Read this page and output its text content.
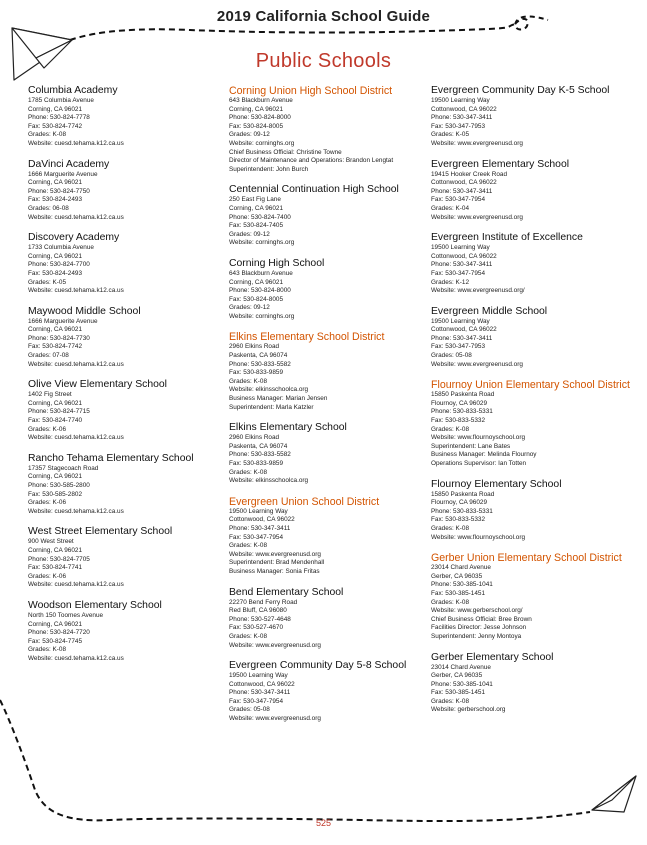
2019 California School Guide
Public Schools
Columbia Academy
1785 Columbia Avenue
Corning, CA 96021
Phone: 530-824-7778
Fax: 530-824-7742
Grades: K-08
Website: cuesd.tehama.k12.ca.us
DaVinci Academy
1666 Marguerite Avenue
Corning, CA 96021
Phone: 530-824-7750
Fax: 530-824-2493
Grades: 06-08
Website: cuesd.tehama.k12.ca.us
Discovery Academy
1733 Columbia Avenue
Corning, CA 96021
Phone: 530-824-7700
Fax: 530-824-2493
Grades: K-05
Website: cuesd.tehama.k12.ca.us
Maywood Middle School
1666 Marguerite Avenue
Corning, CA 96021
Phone: 530-824-7730
Fax: 530-824-7742
Grades: 07-08
Website: cuesd.tehama.k12.ca.us
Olive View Elementary School
1402 Fig Street
Corning, CA 96021
Phone: 530-824-7715
Fax: 530-824-7740
Grades: K-06
Website: cuesd.tehama.k12.ca.us
Rancho Tehama Elementary School
17357 Stagecoach Road
Corning, CA 96021
Phone: 530-585-2800
Fax: 530-585-2802
Grades: K-06
Website: cuesd.tehama.k12.ca.us
West Street Elementary School
900 West Street
Corning, CA 96021
Phone: 530-824-7705
Fax: 530-824-7741
Grades: K-06
Website: cuesd.tehama.k12.ca.us
Woodson Elementary School
North 150 Toomes Avenue
Corning, CA 96021
Phone: 530-824-7720
Fax: 530-824-7745
Grades: K-08
Website: cuesd.tehama.k12.ca.us
Corning Union High School District
643 Blackburn Avenue
Corning, CA 96021
Phone: 530-824-8000
Fax: 530-824-8005
Grades: 09-12
Website: corninghs.org
Chief Business Official: Christine Towne
Director of Maintenance and Operations: Brandon Lengtat
Superintendent: John Burch
Centennial Continuation High School
250 East Fig Lane
Corning, CA 96021
Phone: 530-824-7400
Fax: 530-824-7405
Grades: 09-12
Website: corninghs.org
Corning High School
643 Blackburn Avenue
Corning, CA 96021
Phone: 530-824-8000
Fax: 530-824-8005
Grades: 09-12
Website: corninghs.org
Elkins Elementary School District
2960 Elkins Road
Paskenta, CA 96074
Phone: 530-833-5582
Fax: 530-833-9859
Grades: K-08
Website: elkinsschoolca.org
Business Manager: Marian Jensen
Superintendent: Marla Katzler
Elkins Elementary School
2960 Elkins Road
Paskenta, CA 96074
Phone: 530-833-5582
Fax: 530-833-9859
Grades: K-08
Website: elkinsschoolca.org
Evergreen Union School District
19500 Learning Way
Cottonwood, CA 96022
Phone: 530-347-3411
Fax: 530-347-7954
Grades: K-08
Website: www.evergreenusd.org
Superintendent: Brad Mendenhall
Business Manager: Sonia Fritas
Bend Elementary School
22270 Bend Ferry Road
Red Bluff, CA 96080
Phone: 530-527-4648
Fax: 530-527-4670
Grades: K-08
Website: www.evergreenusd.org
Evergreen Community Day 5-8 School
19500 Learning Way
Cottonwood, CA 96022
Phone: 530-347-3411
Fax: 530-347-7954
Grades: 05-08
Website: www.evergreenusd.org
Evergreen Community Day K-5 School
19500 Learning Way
Cottonwood, CA 96022
Phone: 530-347-3411
Fax: 530-347-7953
Grades: K-05
Website: www.evergreenusd.org
Evergreen Elementary School
19415 Hooker Creek Road
Cottonwood, CA 96022
Phone: 530-347-3411
Fax: 530-347-7954
Grades: K-04
Website: www.evergreenusd.org
Evergreen Institute of Excellence
19500 Learning Way
Cottonwood, CA 96022
Phone: 530-347-3411
Fax: 530-347-7954
Grades: K-12
Website: www.evergreenusd.org/
Evergreen Middle School
19500 Learning Way
Cottonwood, CA 96022
Phone: 530-347-3411
Fax: 530-347-7953
Grades: 05-08
Website: www.evergreenusd.org
Flournoy Union Elementary School District
15850 Paskenta Road
Flournoy, CA 96029
Phone: 530-833-5331
Fax: 530-833-5332
Grades: K-08
Website: www.flournoyschool.org
Superintendent: Lane Bates
Business Manager: Melinda Flournoy
Operations Supervisor: Ian Totten
Flournoy Elementary School
15850 Paskenta Road
Flournoy, CA 96029
Phone: 530-833-5331
Fax: 530-833-5332
Grades: K-08
Website: www.flournoyschool.org
Gerber Union Elementary School District
23014 Chard Avenue
Gerber, CA 96035
Phone: 530-385-1041
Fax: 530-385-1451
Grades: K-08
Website: www.gerberschool.org/
Chief Business Official: Bree Brown
Facilities Director: Jesse Johnson
Superintendent: Jenny Montoya
Gerber Elementary School
23014 Chard Avenue
Gerber, CA 96035
Phone: 530-385-1041
Fax: 530-385-1451
Grades: K-08
Website: gerberschool.org
525
